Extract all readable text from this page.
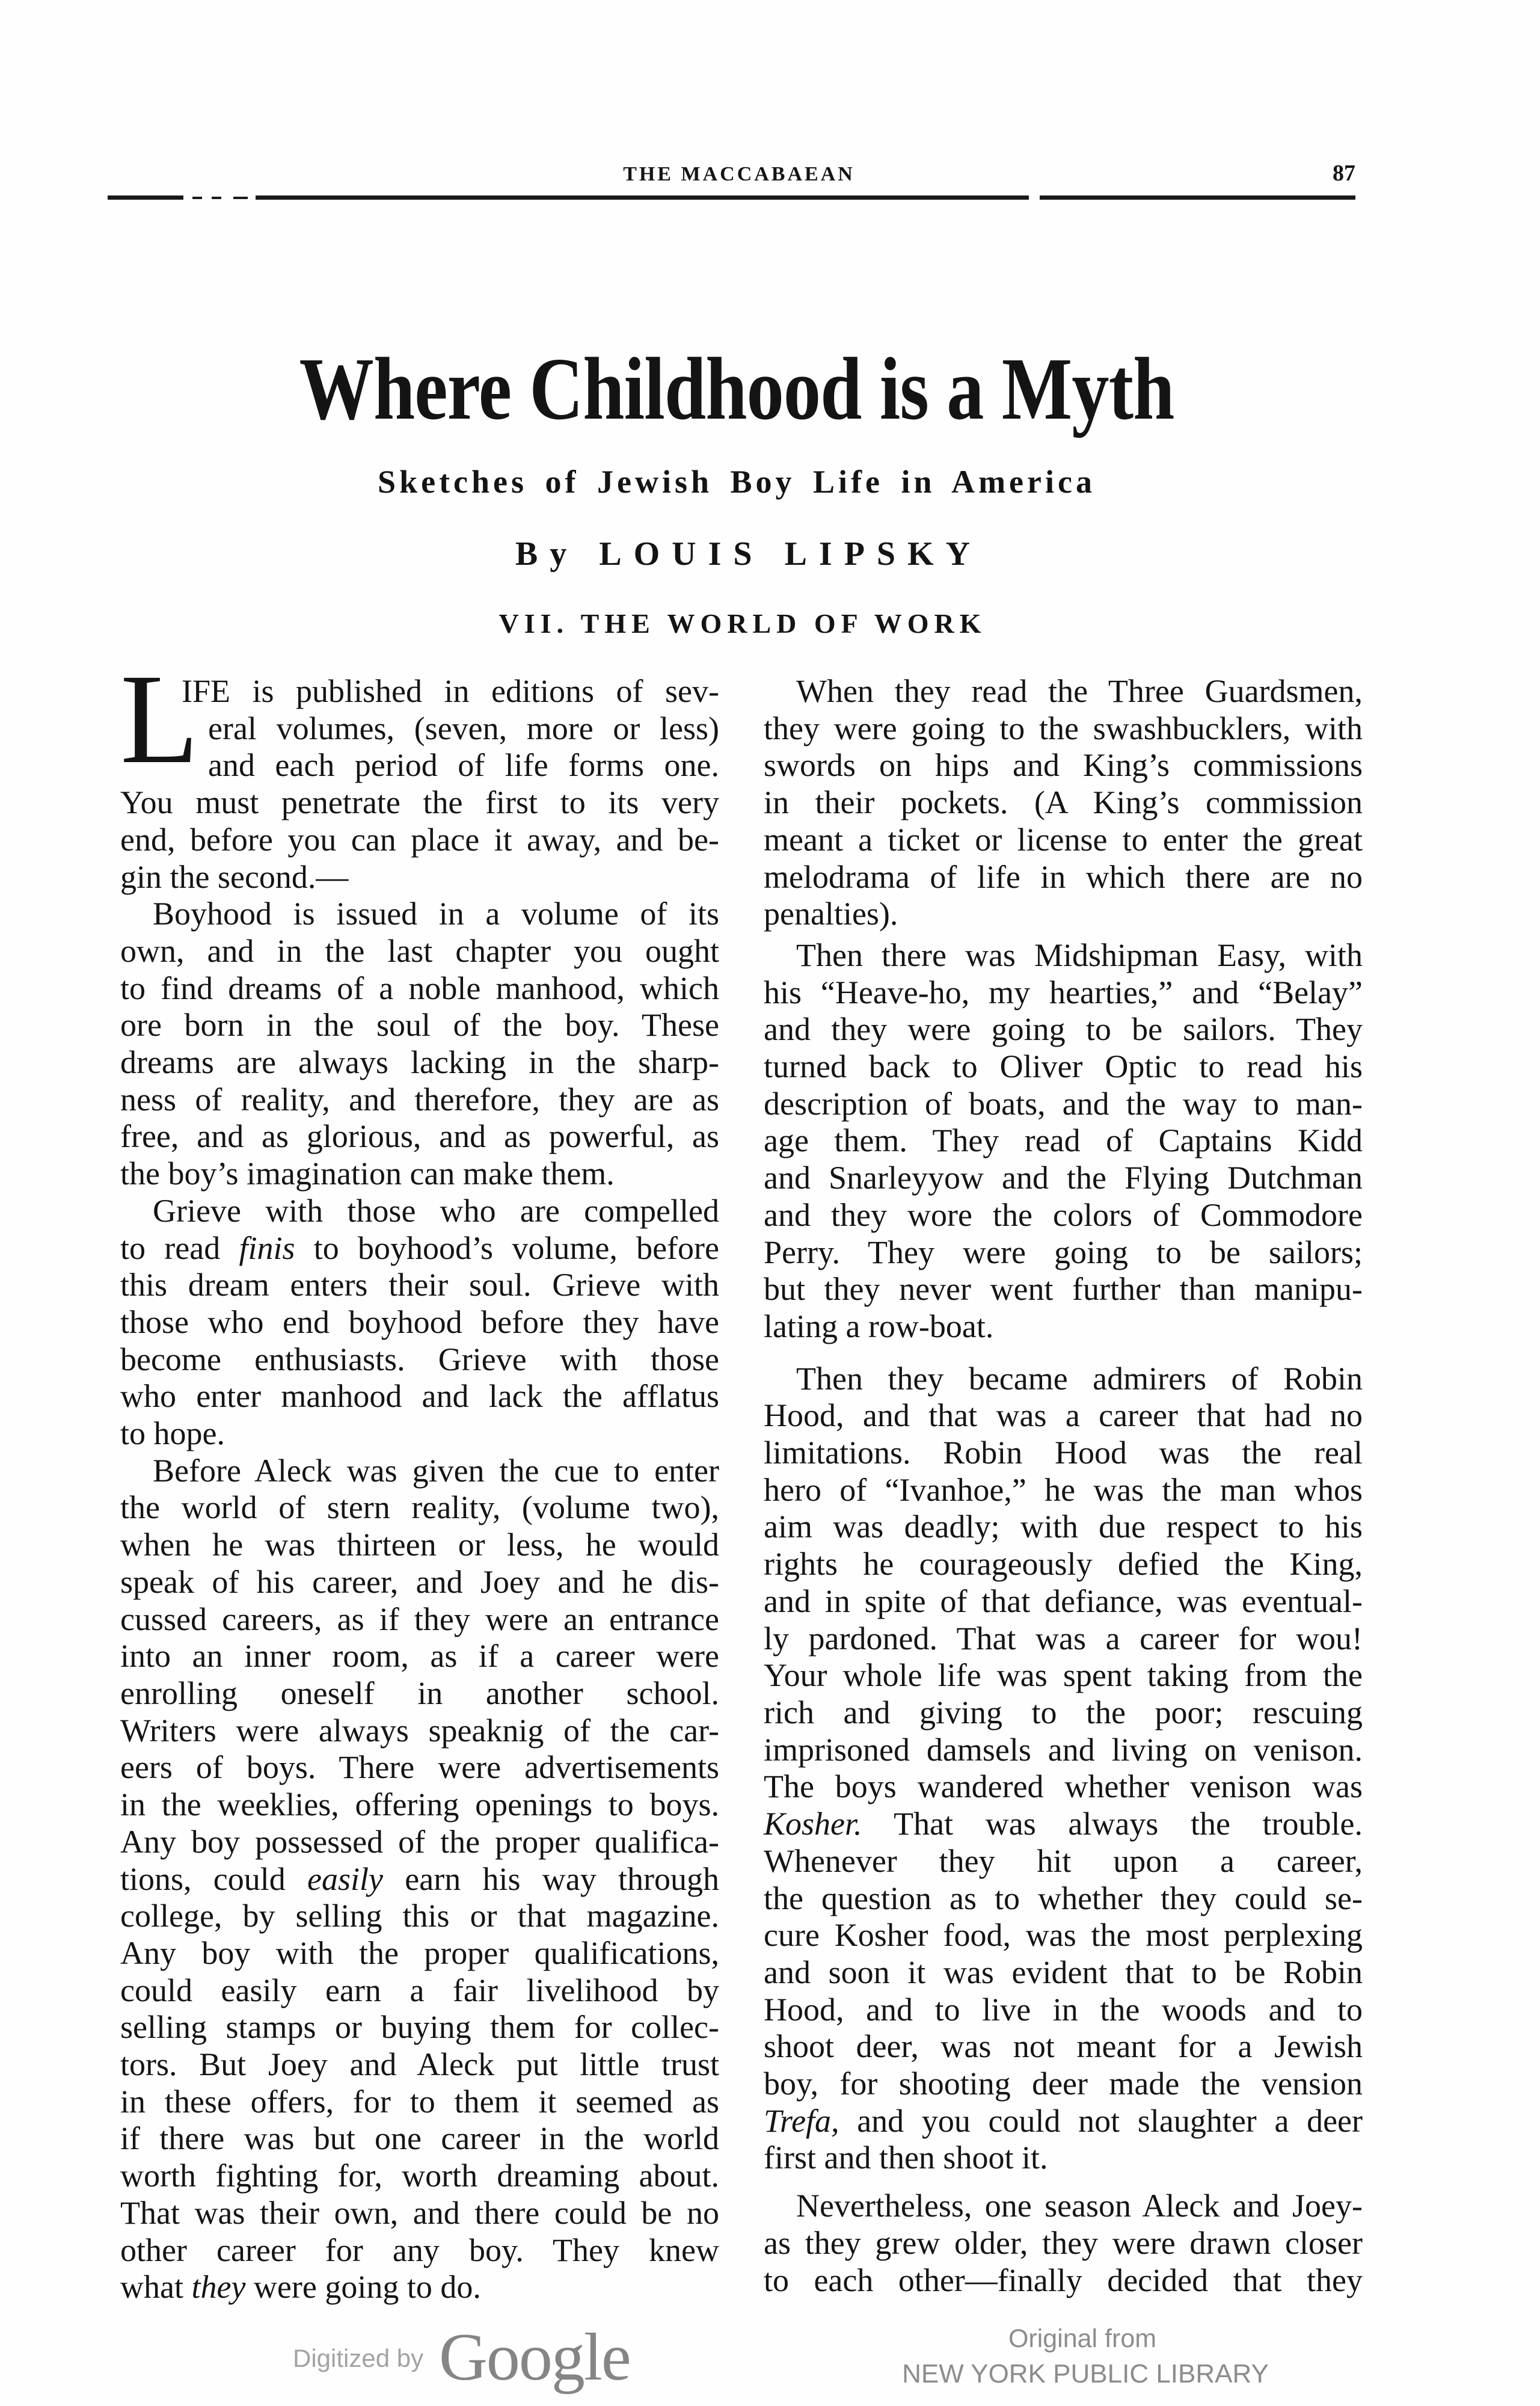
THE MACCABAEAN	87
Where Childhood is a Myth
Sketches of Jewish Boy Life in America
By LOUIS LIPSKY
VII. THE WORLD OF WORK
L
IFE is published in editions of sev-
eral volumes, (seven, more or less)
and each period of life forms one.
You must penetrate the first to its very
end, before you can place it away, and be-
gin the second.—
Boyhood is issued in a volume of its
own, and in the last chapter you ought
to find dreams of a noble manhood, which
ore born in the soul of the boy. These
dreams are always lacking in the sharp-
ness of reality, and therefore, they are as
free, and as glorious, and as powerful, as
the boy’s imagination can make them.
Grieve with those who are compelled
to read finis to boyhood’s volume, before
this dream enters their soul. Grieve with
those who end boyhood before they have
become enthusiasts. Grieve with those
who enter manhood and lack the afflatus
to hope.
Before Aleck was given the cue to enter
the world of stern reality, (volume two),
when he was thirteen or less, he would
speak of his career, and Joey and he dis-
cussed careers, as if they were an entrance
into an inner room, as if a career were
enrolling oneself in another school.
Writers were always speaknig of the car-
eers of boys. There were advertisements
in the weeklies, offering openings to boys.
Any boy possessed of the proper qualifica-
tions, could easily earn his way through
college, by selling this or that magazine.
Any boy with the proper qualifications,
could easily earn a fair livelihood by
selling stamps or buying them for collec-
tors. But Joey and Aleck put little trust
in these offers, for to them it seemed as
if there was but one career in the world
worth fighting for, worth dreaming about.
That was their own, and there could be no
other career for any boy. They knew
what they were going to do.
When they read the Three Guardsmen,
they were going to the swashbucklers, with
swords on hips and King’s commissions
in their pockets. (A King’s commission
meant a ticket or license to enter the great
melodrama of life in which there are no
penalties).
Then there was Midshipman Easy, with
his “Heave-ho, my hearties,” and “Belay”
and they were going to be sailors. They
turned back to Oliver Optic to read his
description of boats, and the way to man-
age them. They read of Captains Kidd
and Snarleyyow and the Flying Dutchman
and they wore the colors of Commodore
Perry. They were going to be sailors;
but they never went further than manipu-
lating a row-boat.
Then they became admirers of Robin
Hood, and that was a career that had no
limitations. Robin Hood was the real
hero of “Ivanhoe,” he was the man whos
aim was deadly; with due respect to his
rights he courageously defied the King,
and in spite of that defiance, was eventual-
ly pardoned. That was a career for wou!
Your whole life was spent taking from the
rich and giving to the poor; rescuing
imprisoned damsels and living on venison.
The boys wandered whether venison was
Kosher. That was always the trouble.
Whenever they hit upon a career,
the question as to whether they could se-
cure Kosher food, was the most perplexing
and soon it was evident that to be Robin
Hood, and to live in the woods and to
shoot deer, was not meant for a Jewish
boy, for shooting deer made the vension
Trefa, and you could not slaughter a deer
first and then shoot it.
Nevertheless, one season Aleck and Joey-
as they grew older, they were drawn closer
to each other—finally decided that they
Digitized by Google	Original from
NEW YORK PUBLIC LIBRARY
